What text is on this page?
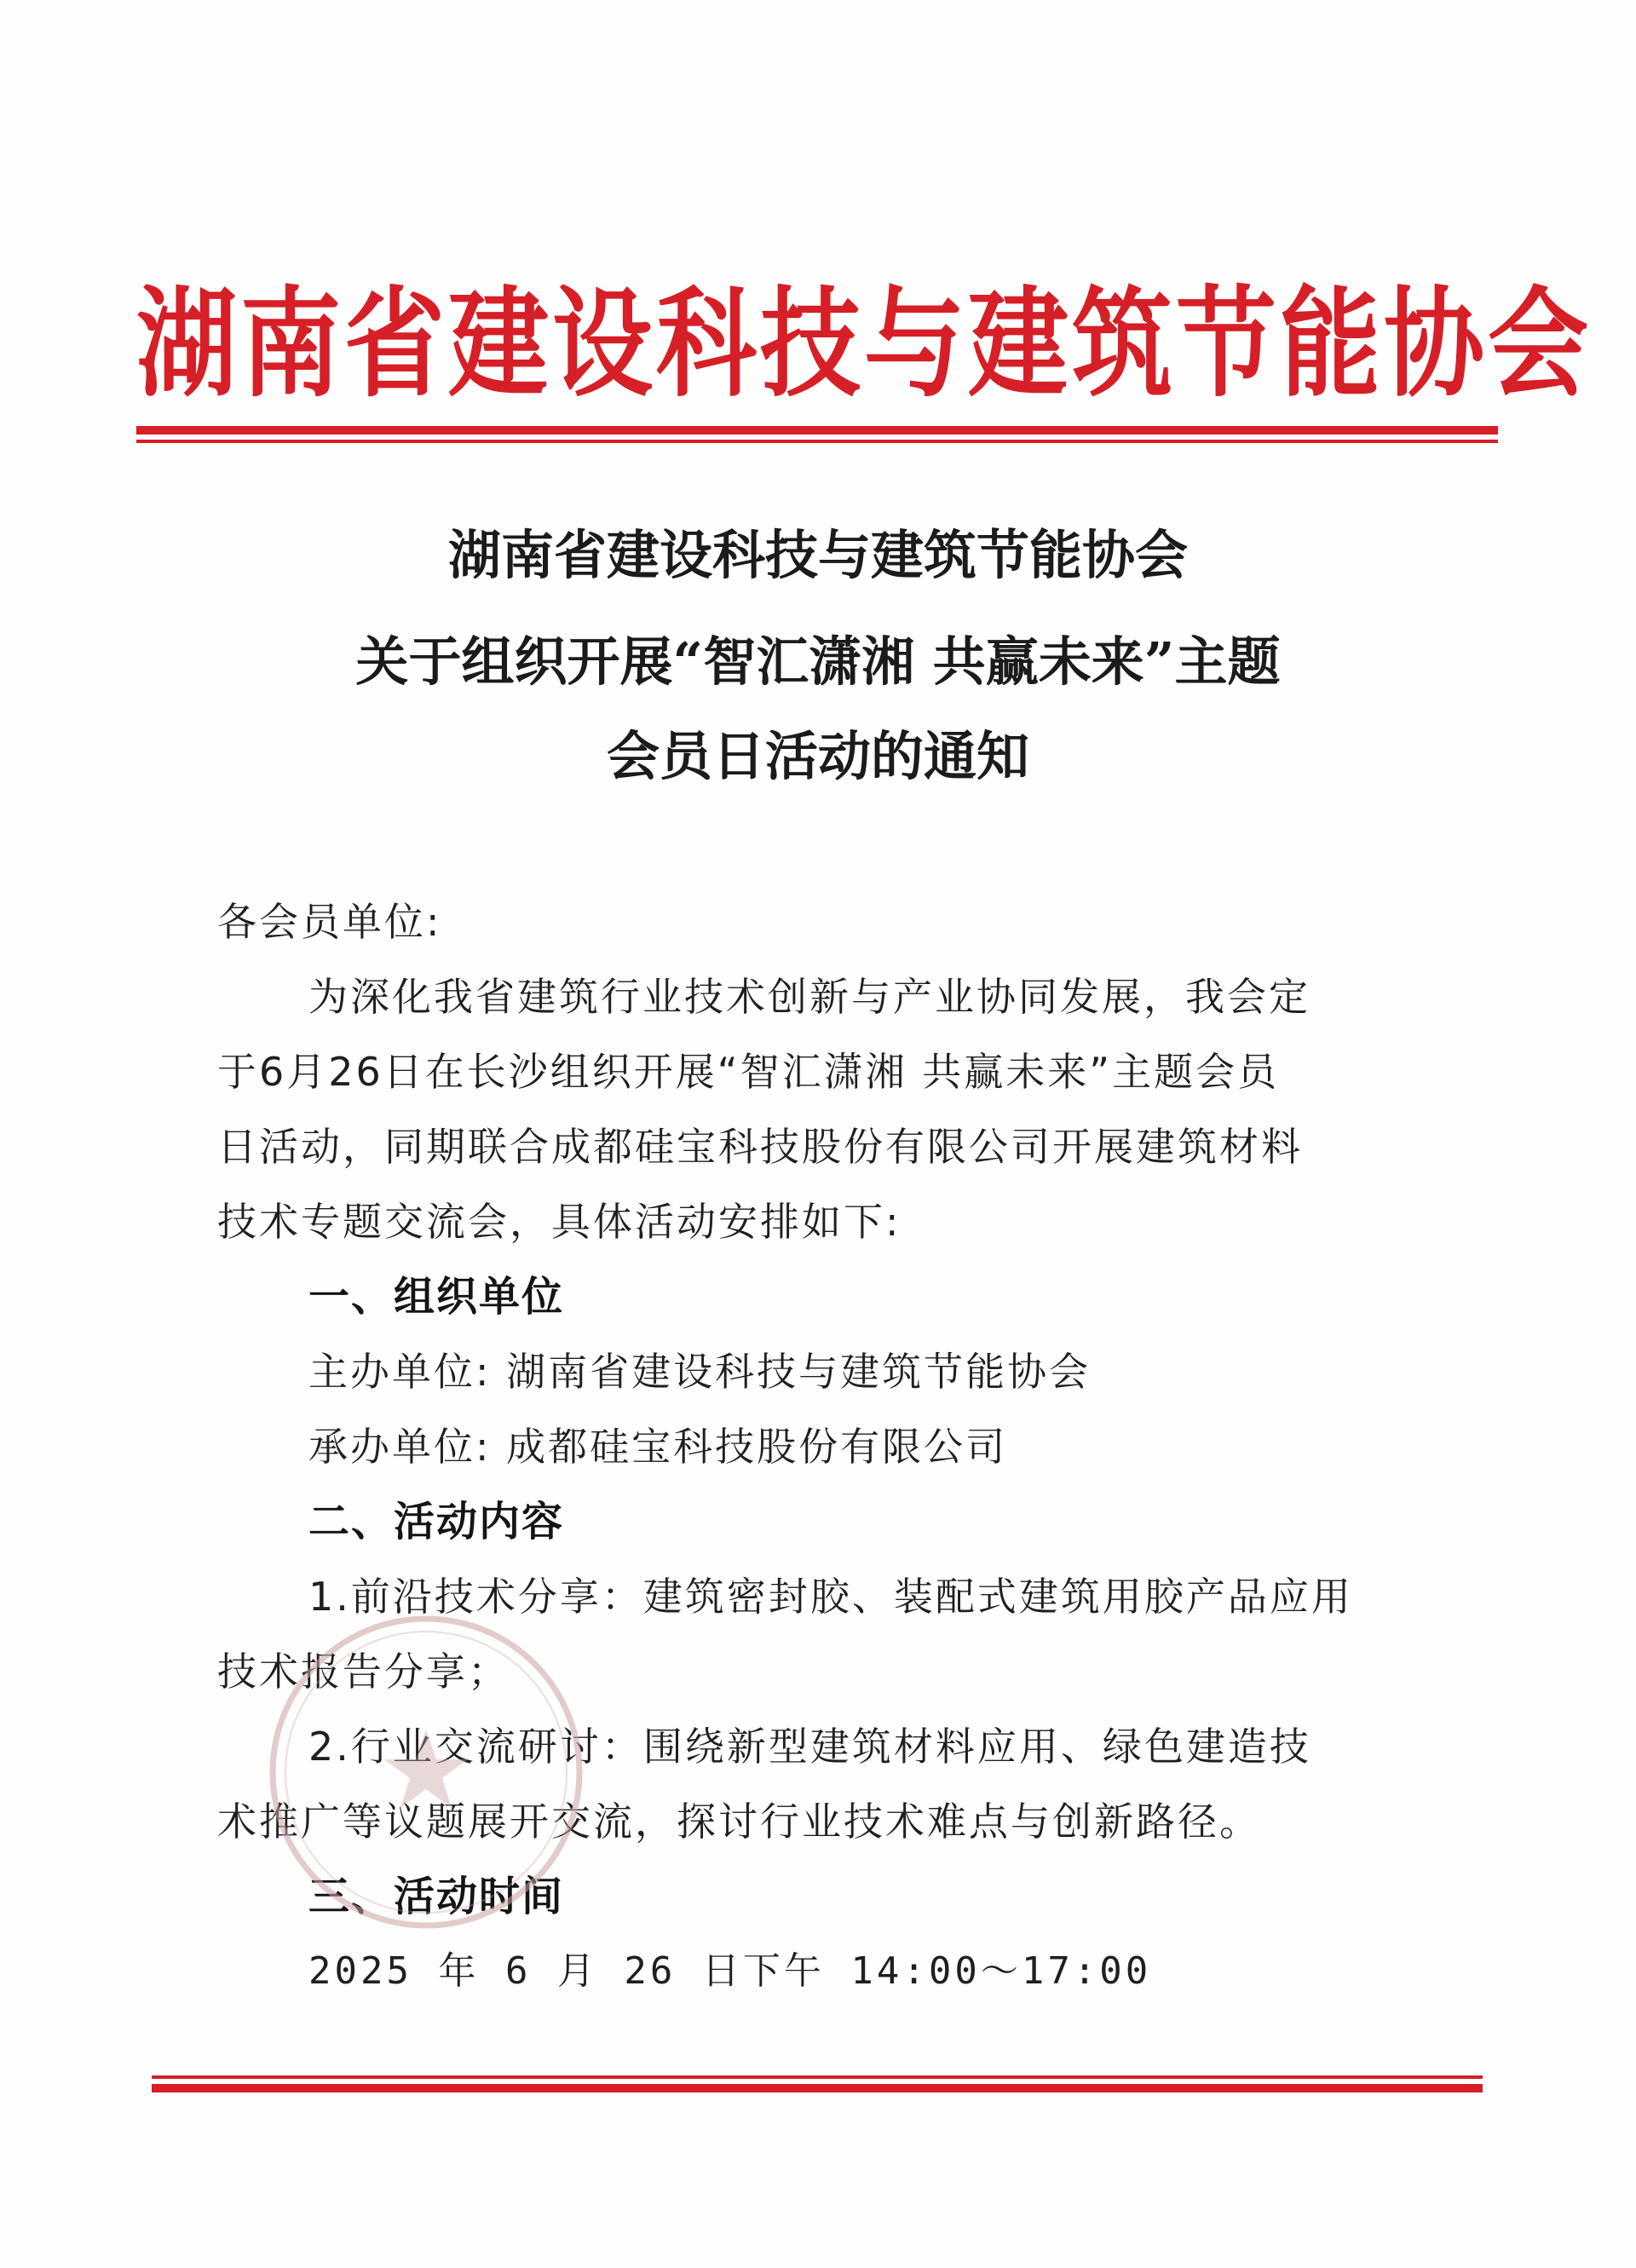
湖南省建设科技与建筑节能协会
湖南省建设科技与建筑节能协会
关于组织开展“智汇潇湘 共赢未来”主题
会员日活动的通知
各会员单位:
为深化我省建筑行业技术创新与产业协同发展，我会定
于6月26日在长沙组织开展“智汇潇湘 共赢未来”主题会员
日活动，同期联合成都硅宝科技股份有限公司开展建筑材料
技术专题交流会，具体活动安排如下:
一、组织单位
主办单位: 湖南省建设科技与建筑节能协会
承办单位: 成都硅宝科技股份有限公司
二、活动内容
1.前沿技术分享：建筑密封胶、装配式建筑用胶产品应用
技术报告分享；
2.行业交流研讨：围绕新型建筑材料应用、绿色建造技
术推广等议题展开交流，探讨行业技术难点与创新路径。
三、活动时间
2025 年 6 月 26 日下午 14:00～17:00
